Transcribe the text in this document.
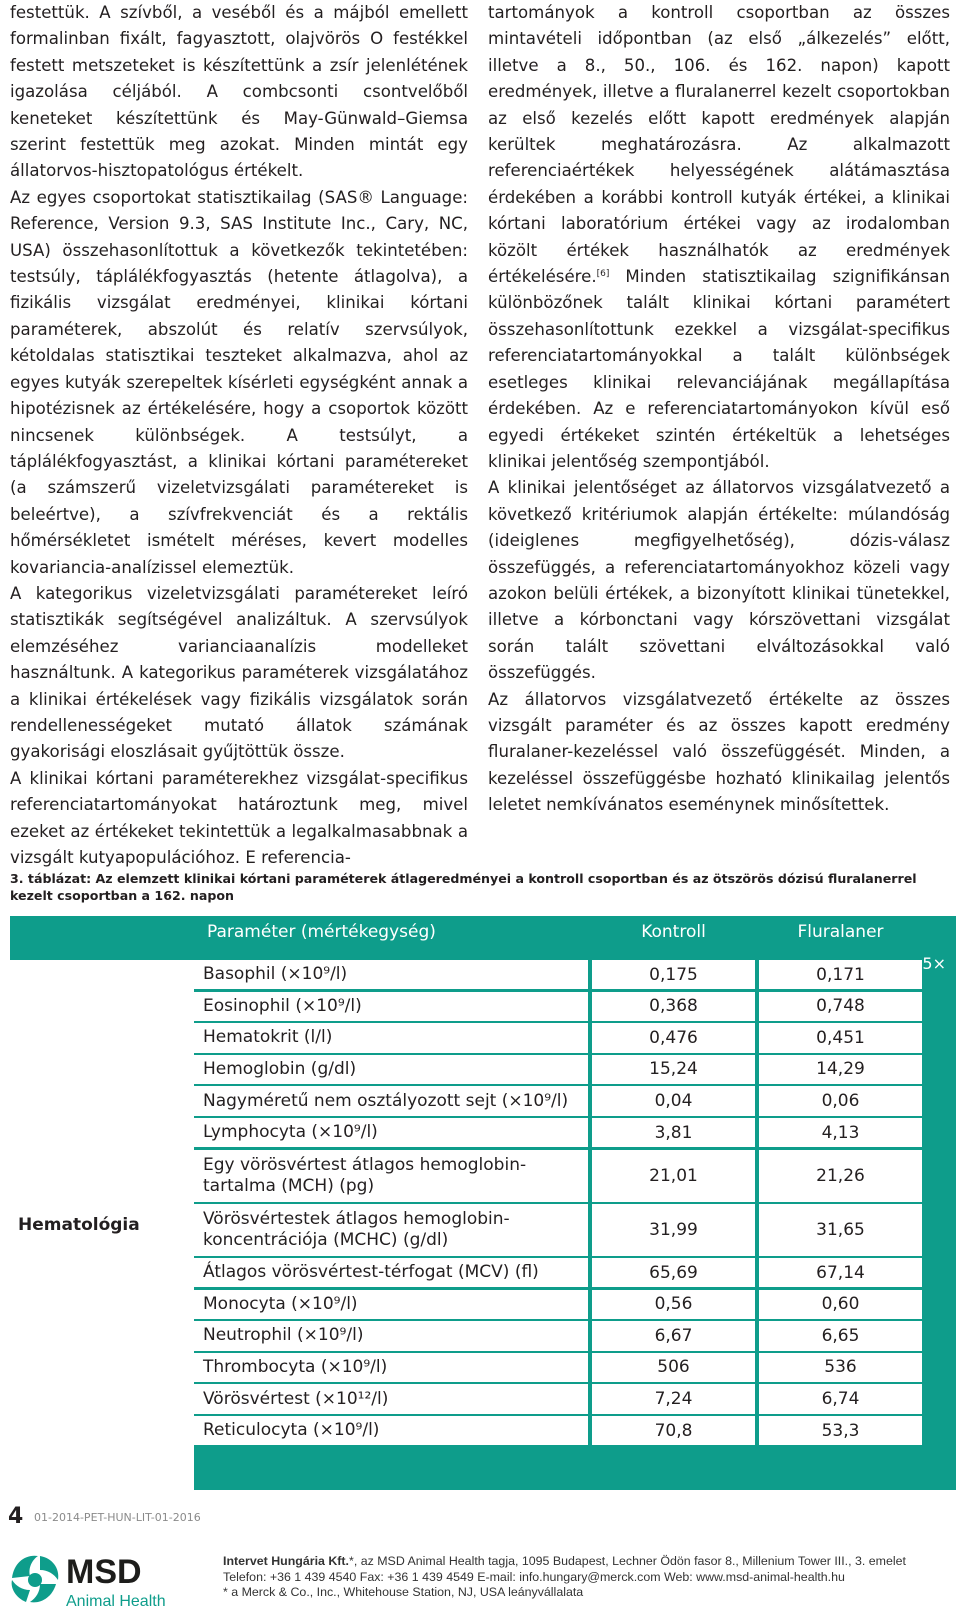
festettük. A szívből, a veséből és a májból emellett formalinban fixált, fagyasztott, olajvörös O festékkel festett metszeteket is készítettünk a zsír jelenlétének igazolása céljából. A combcsonti csontvelőből keneteket készítettünk és May-Günwald–Giemsa szerint festettük meg azokat. Minden mintát egy állatorvos-hisztopatológus értékelt.

Az egyes csoportokat statisztikailag (SAS® Language: Reference, Version 9.3, SAS Institute Inc., Cary, NC, USA) összehasonlítottuk a következők tekintetében: testsúly, táplálékfogyasztás (hetente átlagolva), a fizikális vizsgálat eredményei, klinikai kórtani paraméterek, abszolút és relatív szervsúlyok, kétoldalas statisztikai teszteket alkalmazva, ahol az egyes kutyák szerepeltek kísérleti egységként annak a hipotézisnek az értékelésére, hogy a csoportok között nincsenek különbségek. A testsúlyt, a táplálékfogyasztást, a klinikai kórtani paramétereket (a számszerű vizeletvizsgálati paramétereket is beleértve), a szívfrekvenciát és a rektális hőmérsékletet ismételt méréses, kevert modelles kovariancia-analízissel elemeztük.

A kategorikus vizeletvizsgálati paramétereket leíró statisztikák segítségével analizáltuk. A szervsúlyok elemzéséhez varianciaanalízis modelleket használtunk. A kategorikus paraméterek vizsgálatához a klinikai értékelések vagy fizikális vizsgálatok során rendellenességeket mutató állatok számának gyakorisági eloszlásait gyűjtöttük össze.

A klinikai kórtani paraméterekhez vizsgálat-specifikus referenciatartományokat határoztunk meg, mivel ezeket az értékeket tekintettük a legalkalmasabbnak a vizsgált kutyapopulációhoz. E referencia-

tartományok a kontroll csoportban az összes mintavételi időpontban (az első „álkezelés” előtt, illetve a 8., 50., 106. és 162. napon) kapott eredmények, illetve a fluralanerrel kezelt csoportokban az első kezelés előtt kapott eredmények alapján kerültek meghatározásra. Az alkalmazott referenciaértékek helyességének alátámasztása érdekében a korábbi kontroll kutyák értékei, a klinikai kórtani laboratórium értékei vagy az irodalomban közölt értékek használhatók az eredmények értékelésére.[6] Minden statisztikailag szignifikánsan különbözőnek talált klinikai kórtani paramétert összehasonlítottunk ezekkel a vizsgálat-specifikus referenciatartományokkal a talált különbségek esetleges klinikai relevanciájának megállapítása érdekében. Az e referenciatartományokon kívül eső egyedi értékeket szintén értékeltük a lehetséges klinikai jelentőség szempontjából.

A klinikai jelentőséget az állatorvos vizsgálatvezető a következő kritériumok alapján értékelte: múlandóság (ideiglenes megfigyelhetőség), dózis-válasz összefüggés, a referenciatartományokhoz közeli vagy azokon belüli értékek, a bizonyított klinikai tünetekkel, illetve a kórbonctani vagy kórszövettani vizsgálat során talált szövettani elváltozásokkal való összefüggés.

Az állatorvos vizsgálatvezető értékelte az összes vizsgált paraméter és az összes kapott eredmény fluralaner-kezeléssel való összefüggését. Minden, a kezeléssel összefüggésbe hozható klinikailag jelentős leletet nemkívánatos eseménynek minősítettek.

3. táblázat: Az elemzett klinikai kórtani paraméterek átlageredményei a kontroll csoportban és az ötszörös dózisú fluralanerrel kezelt csoportban a 162. napon
Paraméter (mértékegység)	Kontroll	Fluralaner
5×
Hematológia
Basophil (×10⁹/l)	0,175	0,171
Eosinophil (×10⁹/l)	0,368	0,748
Hematokrit (l/l)	0,476	0,451
Hemoglobin (g/dl)	15,24	14,29
Nagyméretű nem osztályozott sejt (×10⁹/l)	0,04	0,06
Lymphocyta (×10⁹/l)	3,81	4,13
Egy vörösvértest átlagos hemoglobin-tartalma (MCH) (pg)	21,01	21,26
Vörösvértestek átlagos hemoglobin-koncentrációja (MCHC) (g/dl)	31,99	31,65
Átlagos vörösvértest-térfogat (MCV) (fl)	65,69	67,14
Monocyta (×10⁹/l)	0,56	0,60
Neutrophil (×10⁹/l)	6,67	6,65
Thrombocyta (×10⁹/l)	506	536
Vörösvértest (×10¹²/l)	7,24	6,74
Reticulocyta (×10⁹/l)	70,8	53,3
4 01-2014-PET-HUN-LIT-01-2016
MSD
Animal Health
Intervet Hungária Kft.*, az MSD Animal Health tagja, 1095 Budapest, Lechner Ödön fasor 8., Millenium Tower III., 3. emelet
Telefon: +36 1 439 4540 Fax: +36 1 439 4549 E-mail: info.hungary@merck.com Web: www.msd-animal-health.hu
* a Merck & Co., Inc., Whitehouse Station, NJ, USA leányvállalata
